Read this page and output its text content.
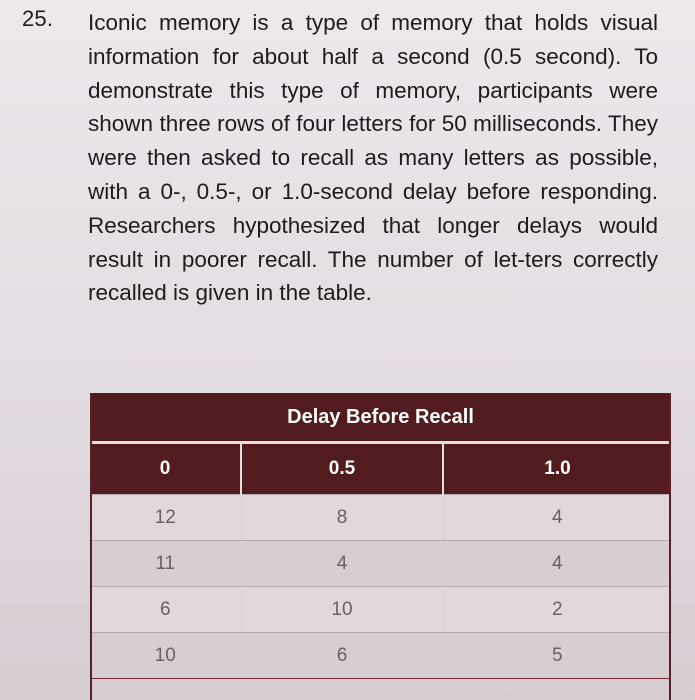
25. Iconic memory is a type of memory that holds visual information for about half a second (0.5 second). To demonstrate this type of memory, participants were shown three rows of four letters for 50 milliseconds. They were then asked to recall as many letters as possible, with a 0-, 0.5-, or 1.0-second delay before responding. Researchers hypothesized that longer delays would result in poorer recall. The number of let-ters correctly recalled is given in the table.

Delay Before Recall		
0	0.5	1.0
12	8	4
11	4	4
6	10	2
10	6	5
